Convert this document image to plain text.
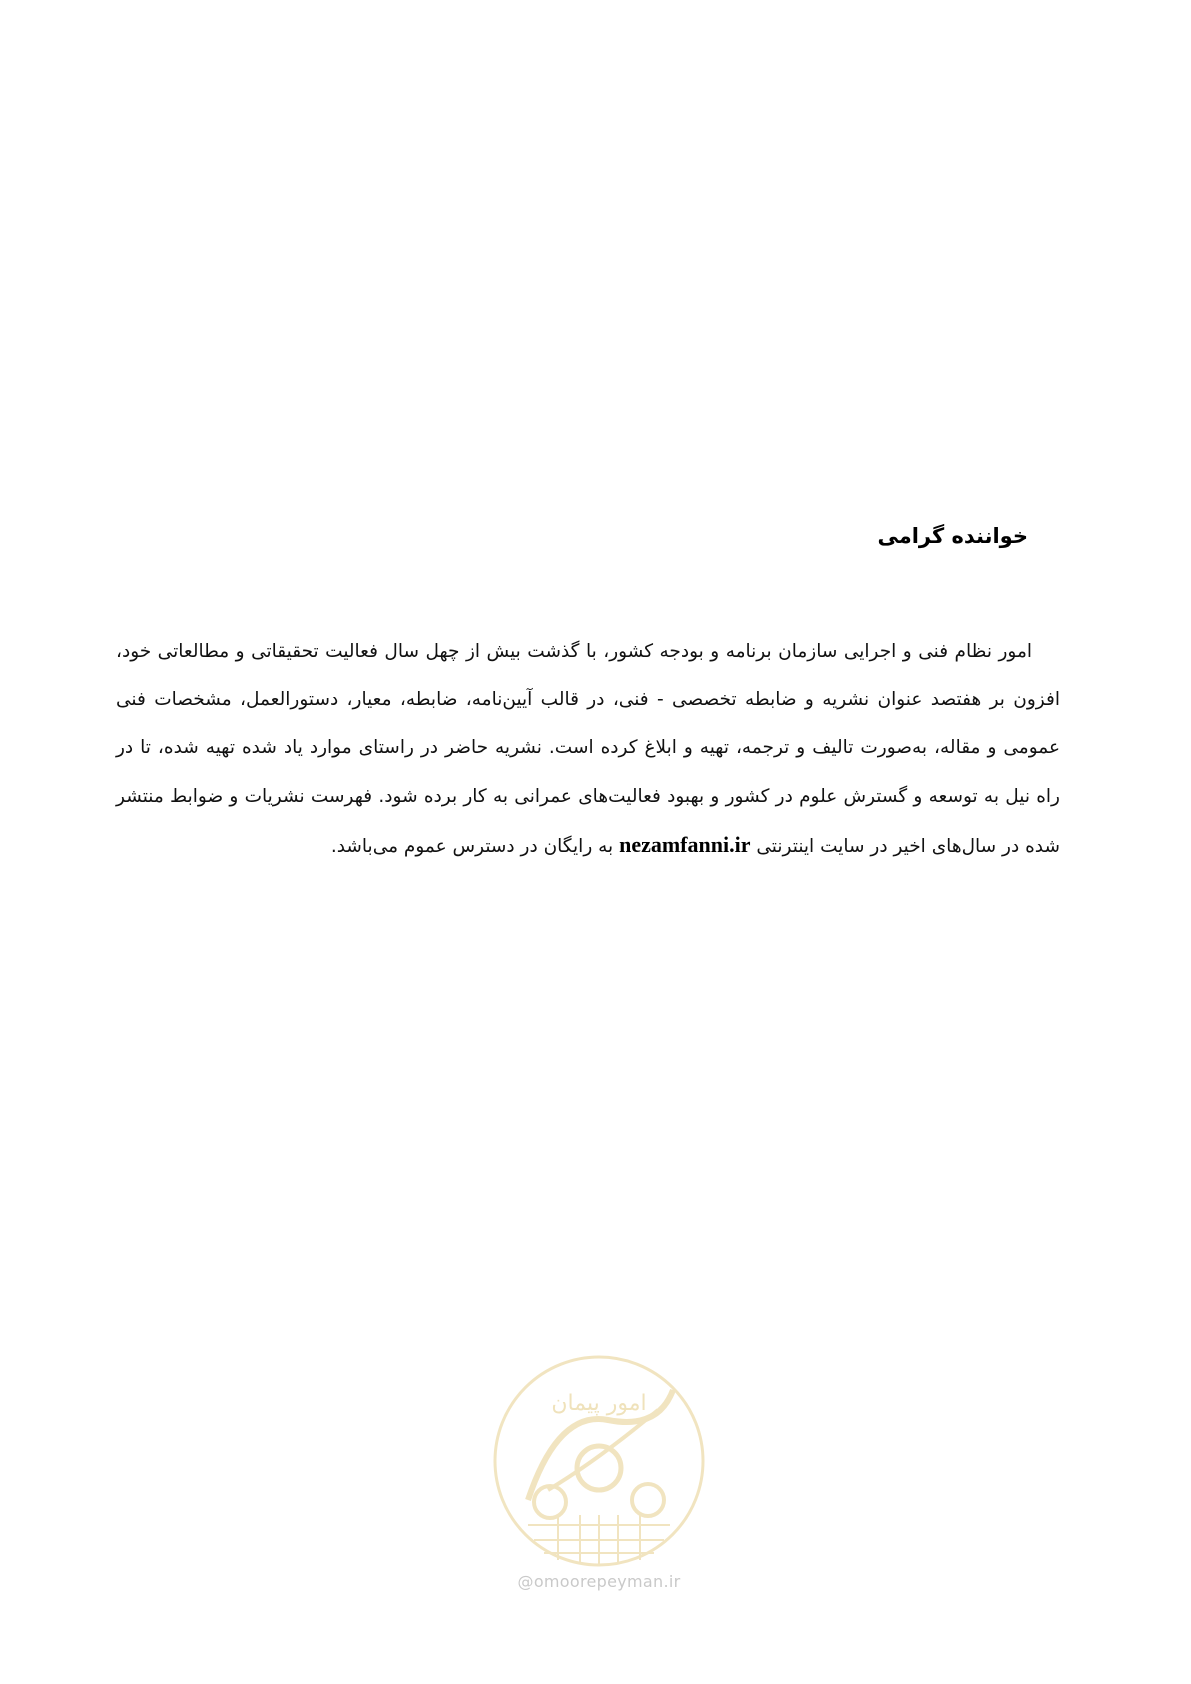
خواننده گرامی

امور نظام فنی و اجرایی سازمان برنامه و بودجه کشور، با گذشت بیش از چهل سال فعالیت تحقیقاتی و مطالعاتی خود، افزون بر هفتصد عنوان نشریه و ضابطه تخصصی - فنی، در قالب آیین‌نامه، ضابطه، معیار، دستورالعمل، مشخصات فنی عمومی و مقاله، به‌صورت تالیف و ترجمه، تهیه و ابلاغ کرده است. نشریه حاضر در راستای موارد یاد شده تهیه شده، تا در راه نیل به توسعه و گسترش علوم در کشور و بهبود فعالیت‌های عمرانی به کار برده شود. فهرست نشریات و ضوابط منتشر شده در سال‌های اخیر در سایت اینترنتی nezamfanni.ir به رایگان در دسترس عموم می‌باشد.

امور پیمان
@omoorepeyman.ir
